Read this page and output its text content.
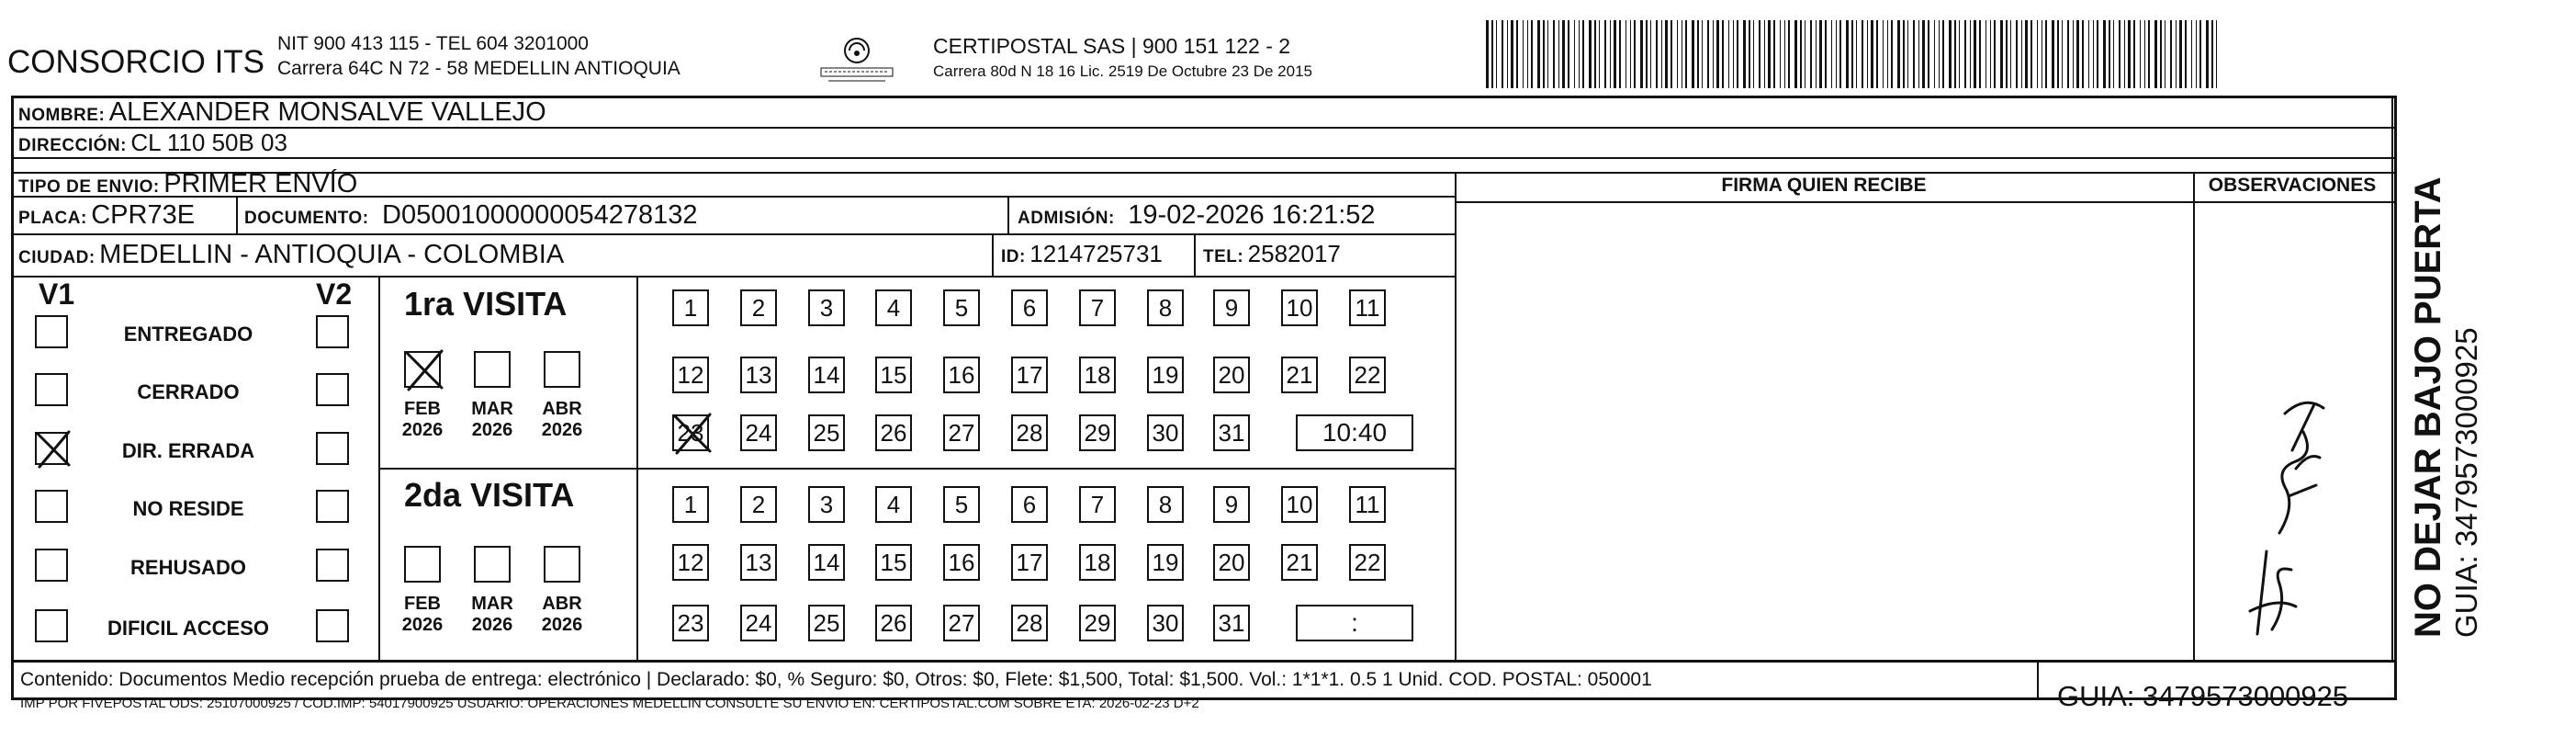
CONSORCIO ITS
NIT 900 413 115 - TEL 604 3201000
Carrera 64C N 72 - 58 MEDELLIN ANTIOQUIA
CERTIPOSTAL SAS | 900 151 122 - 2
Carrera 80d N 18 16 Lic. 2519 De Octubre 23 De 2015
NOMBRE: ALEXANDER MONSALVE VALLEJO
DIRECCIÓN: CL 110 50B 03
TIPO DE ENVIO: PRIMER ENVÍO
PLACA: CPR73E	DOCUMENTO: D05001000000054278132	ADMISIÓN: 19-02-2026 16:21:52
CIUDAD: MEDELLIN - ANTIOQUIA - COLOMBIA	ID: 1214725731 TEL: 2582017
FIRMA QUIEN RECIBE	OBSERVACIONES
V1	V2
ENTREGADO
CERRADO
DIR. ERRADA
NO RESIDE
REHUSADO
DIFICIL ACCESO
1ra VISITA
FEB
2026
MAR
2026
ABR
2026
1	2	3	4	5	6	7	8	9	10 11
12 13 14 15 16 17 18 19 20 21 22
23 24 25 26 27 28 29 30 31	10:40
2da VISITA
FEB
2026
MAR
2026
ABR
2026
1	2	3	4	5	6	7	8	9	10 11
12 13 14 15 16 17 18 19 20 21 22
23 24 25 26 27 28 29 30 31	:
Contenido: Documentos Medio recepción prueba de entrega: electrónico | Declarado: $0, % Seguro: $0, Otros: $0, Flete: $1,500, Total: $1,500. Vol.: 1*1*1. 0.5 1 Unid. COD. POSTAL: 050001
IMP POR FIVEPOSTAL ODS: 25107000925 / COD.IMP: 54017900925 USUARIO: OPERACIONES MEDELLIN CONSULTE SU ENVIO EN: CERTIPOSTAL.COM SOBRE ETA: 2026-02-23 D+2	GUIA: 3479573000925
NO DEJAR BAJO PUERTA GUIA: 3479573000925
